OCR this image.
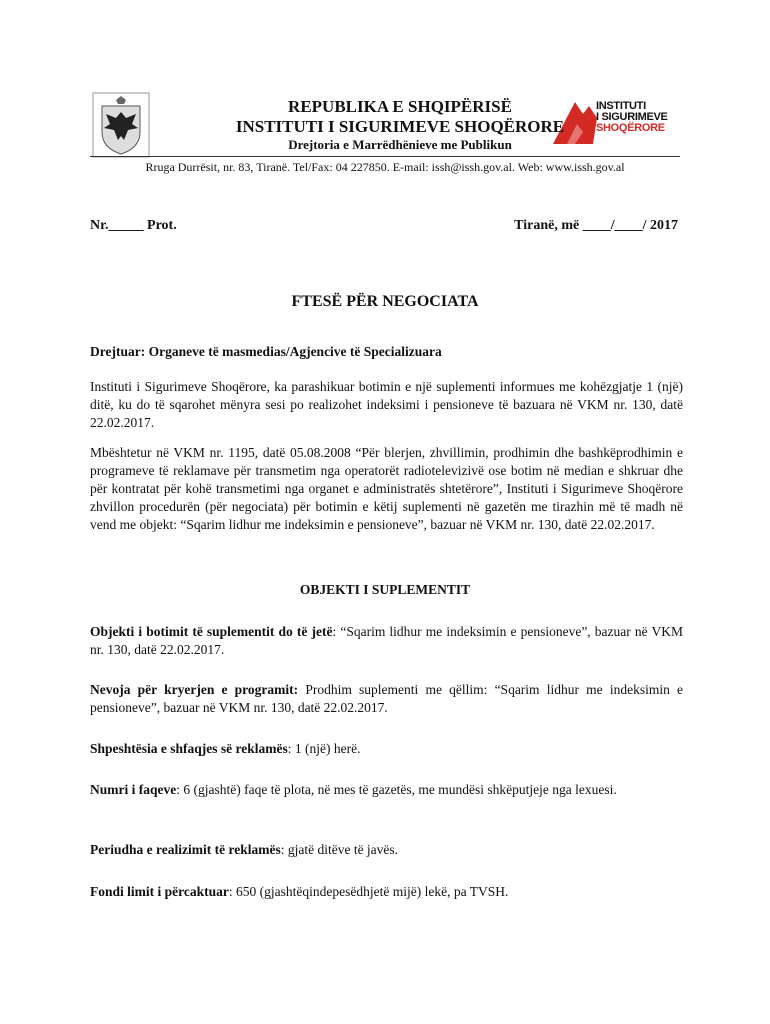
INSTITUTI
I SIGURIMEVE
SHOQËRORE
REPUBLIKA E SHQIPËRISË
INSTITUTI I SIGURIMEVE SHOQËRORE
Drejtoria e Marrëdhënieve me Publikun
Rruga Durrësit, nr. 83, Tiranë. Tel/Fax: 04 227850. E-mail: issh@issh.gov.al. Web: www.issh.gov.al
Nr._____ Prot.	Tiranë, më ____/____/ 2017
FTESË PËR NEGOCIATA
Drejtuar: Organeve të masmedias/Agjencive të Specializuara
Instituti i Sigurimeve Shoqërore, ka parashikuar botimin e një suplementi informues me kohëzgjatje 1 (një) ditë, ku do të sqarohet mënyra sesi po realizohet indeksimi i pensioneve të bazuara në VKM nr. 130, datë 22.02.2017.
Mbështetur në VKM nr. 1195, datë 05.08.2008 “Për blerjen, zhvillimin, prodhimin dhe bashkëprodhimin e programeve të reklamave për transmetim nga operatorët radiotelevizivë ose botim në median e shkruar dhe për kontratat për kohë transmetimi nga organet e administratës shtetërore”, Instituti i Sigurimeve Shoqërore zhvillon procedurën (për negociata) për botimin e këtij suplementi në gazetën me tirazhin më të madh në vend me objekt: “Sqarim lidhur me indeksimin e pensioneve”, bazuar në VKM nr. 130, datë 22.02.2017.
OBJEKTI I SUPLEMENTIT
Objekti i botimit të suplementit do të jetë: “Sqarim lidhur me indeksimin e pensioneve”, bazuar në VKM nr. 130, datë 22.02.2017.
Nevoja për kryerjen e programit: Prodhim suplementi me qëllim: “Sqarim lidhur me indeksimin e pensioneve”, bazuar në VKM nr. 130, datë 22.02.2017.
Shpeshtësia e shfaqjes së reklamës: 1 (një) herë.
Numri i faqeve: 6 (gjashtë) faqe të plota, në mes të gazetës, me mundësi shkëputjeje nga lexuesi.
Periudha e realizimit të reklamës: gjatë ditëve të javës.
Fondi limit i përcaktuar: 650 (gjashtëqindepesëdhjetë mijë) lekë, pa TVSH.
